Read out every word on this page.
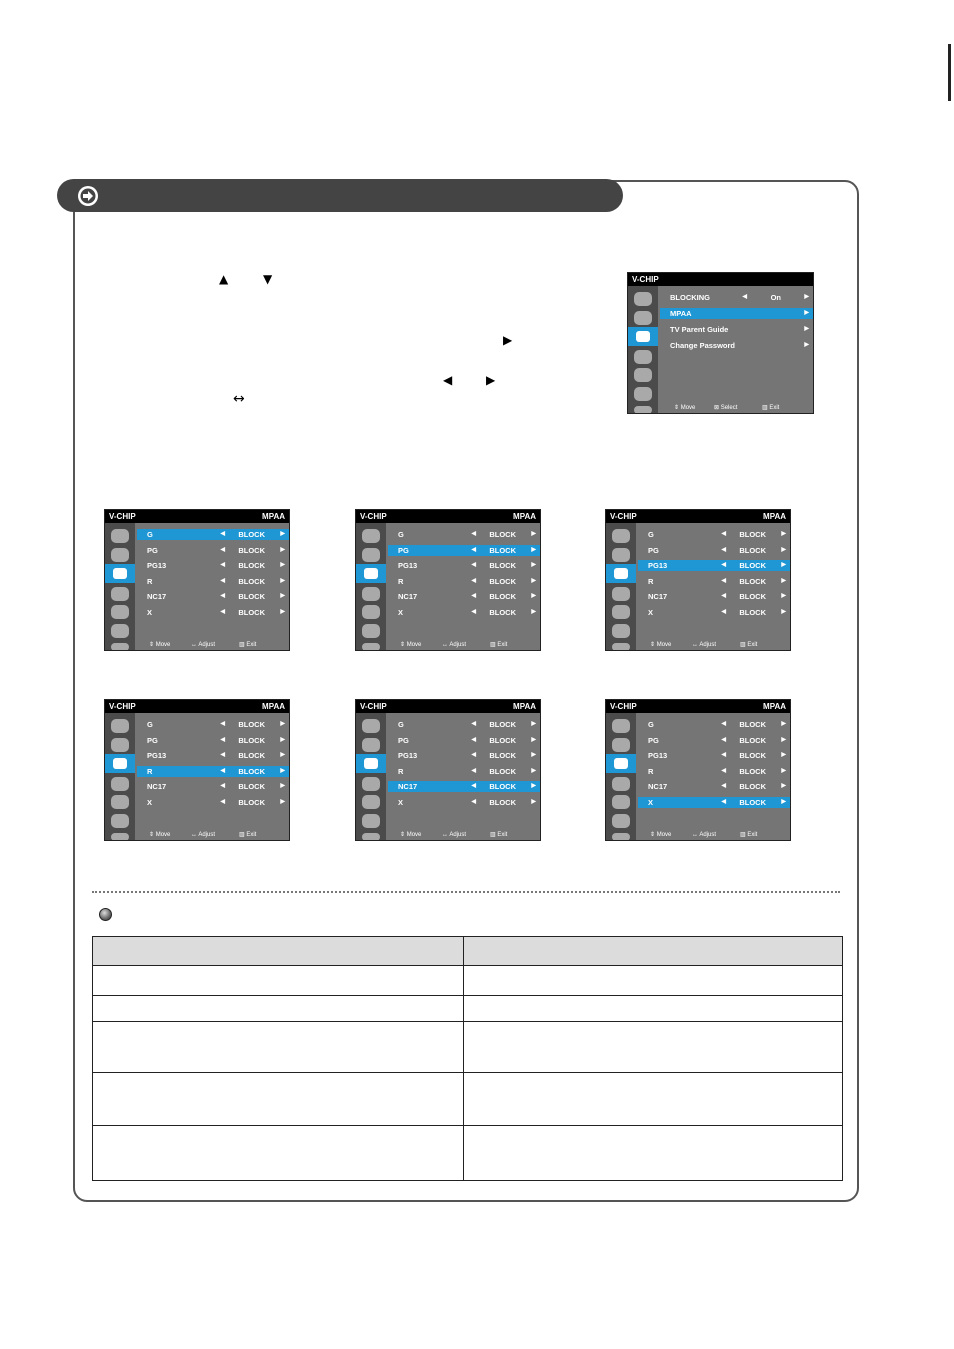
▲	▼
▶
◀	▶
↔
V-CHIP
BLOCKING	◀	On	▶
MPAA	▶
TV Parent Guide	▶
Change Password	▶
⇕ Move	⊠ Select	▥ Exit
V-CHIP	MPAA
G	◀ BLOCK	▶
PG	◀ BLOCK	▶
PG13	◀ BLOCK	▶
R	◀ BLOCK	▶
NC17	◀ BLOCK	▶
X	◀ BLOCK	▶
⇕ Move	↔ Adjust	▥ Exit
V-CHIP	MPAA
G	◀ BLOCK	▶
PG	◀ BLOCK	▶
PG13	◀ BLOCK	▶
R	◀ BLOCK	▶
NC17	◀ BLOCK	▶
X	◀ BLOCK	▶
⇕ Move	↔ Adjust	▥ Exit
V-CHIP	MPAA
G	◀ BLOCK	▶
PG	◀ BLOCK	▶
PG13	◀ BLOCK	▶
R	◀ BLOCK	▶
NC17	◀ BLOCK	▶
X	◀ BLOCK	▶
⇕ Move	↔ Adjust	▥ Exit
V-CHIP	MPAA
G	◀ BLOCK	▶
PG	◀ BLOCK	▶
PG13	◀ BLOCK	▶
R	◀ BLOCK	▶
NC17	◀ BLOCK	▶
X	◀ BLOCK	▶
⇕ Move	↔ Adjust	▥ Exit
V-CHIP	MPAA
G	◀ BLOCK	▶
PG	◀ BLOCK	▶
PG13	◀ BLOCK	▶
R	◀ BLOCK	▶
NC17	◀ BLOCK	▶
X	◀ BLOCK	▶
⇕ Move	↔ Adjust	▥ Exit
V-CHIP	MPAA
G	◀ BLOCK	▶
PG	◀ BLOCK	▶
PG13	◀ BLOCK	▶
R	◀ BLOCK	▶
NC17	◀ BLOCK	▶
X	◀ BLOCK	▶
⇕ Move	↔ Adjust	▥ Exit
